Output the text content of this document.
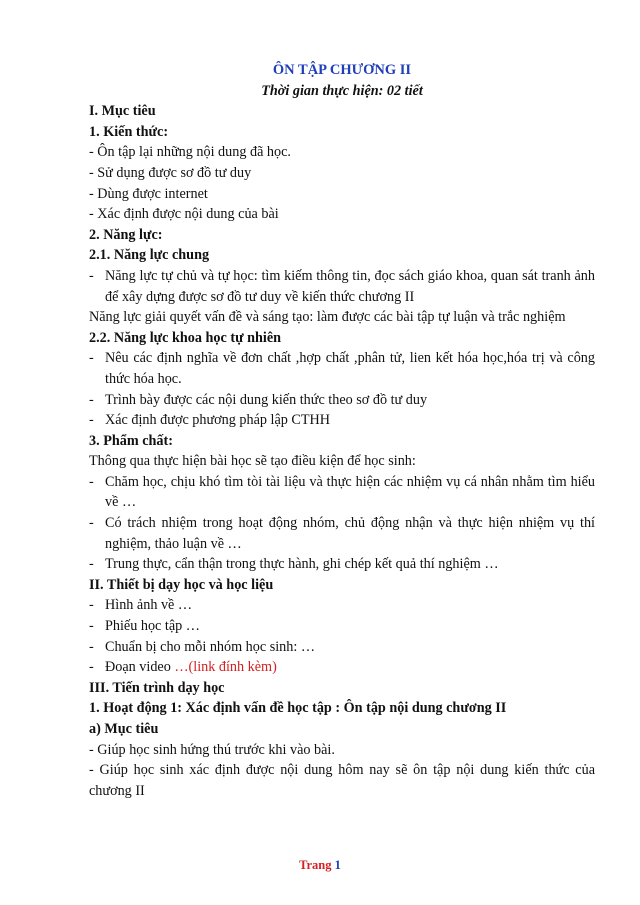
ÔN TẬP CHƯƠNG II

Thời gian thực hiện: 02 tiết

I. Mục tiêu

1. Kiến thức:

- Ôn tập lại những nội dung đã học.

- Sử dụng được sơ đồ tư duy

- Dùng được internet

- Xác định được nội dung của bài

2. Năng lực:

2.1. Năng lực chung

- Năng lực tự chủ và tự học: tìm kiếm thông tin, đọc sách giáo khoa, quan sát tranh ảnh để xây dựng được sơ đồ tư duy về kiến thức chương II

Năng lực giải quyết vấn đề và sáng tạo: làm được các bài tập tự luận và trắc nghiệm

2.2. Năng lực khoa học tự nhiên

- Nêu các định nghĩa về đơn chất ,hợp chất ,phân tử, lien kết hóa học,hóa trị và công thức hóa học.
- Trình bày được các nội dung kiến thức theo sơ đồ tư duy
- Xác định được phương pháp lập CTHH

3. Phẩm chất:

Thông qua thực hiện bài học sẽ tạo điều kiện để học sinh:

- Chăm học, chịu khó tìm tòi tài liệu và thực hiện các nhiệm vụ cá nhân nhằm tìm hiểu về …
- Có trách nhiệm trong hoạt động nhóm, chủ động nhận và thực hiện nhiệm vụ thí nghiệm, thảo luận về …
- Trung thực, cẩn thận trong thực hành, ghi chép kết quả thí nghiệm …

II. Thiết bị dạy học và học liệu

- Hình ảnh về …
- Phiếu học tập …
- Chuẩn bị cho mỗi nhóm học sinh: …
- Đoạn video …(link đính kèm)

III. Tiến trình dạy học

1. Hoạt động 1: Xác định vấn đề học tập : Ôn tập nội dung chương II

a) Mục tiêu

- Giúp học sinh hứng thú trước khi vào bài.

- Giúp học sinh xác định được nội dung hôm nay sẽ ôn tập nội dung kiến thức của chương II

Trang 1
